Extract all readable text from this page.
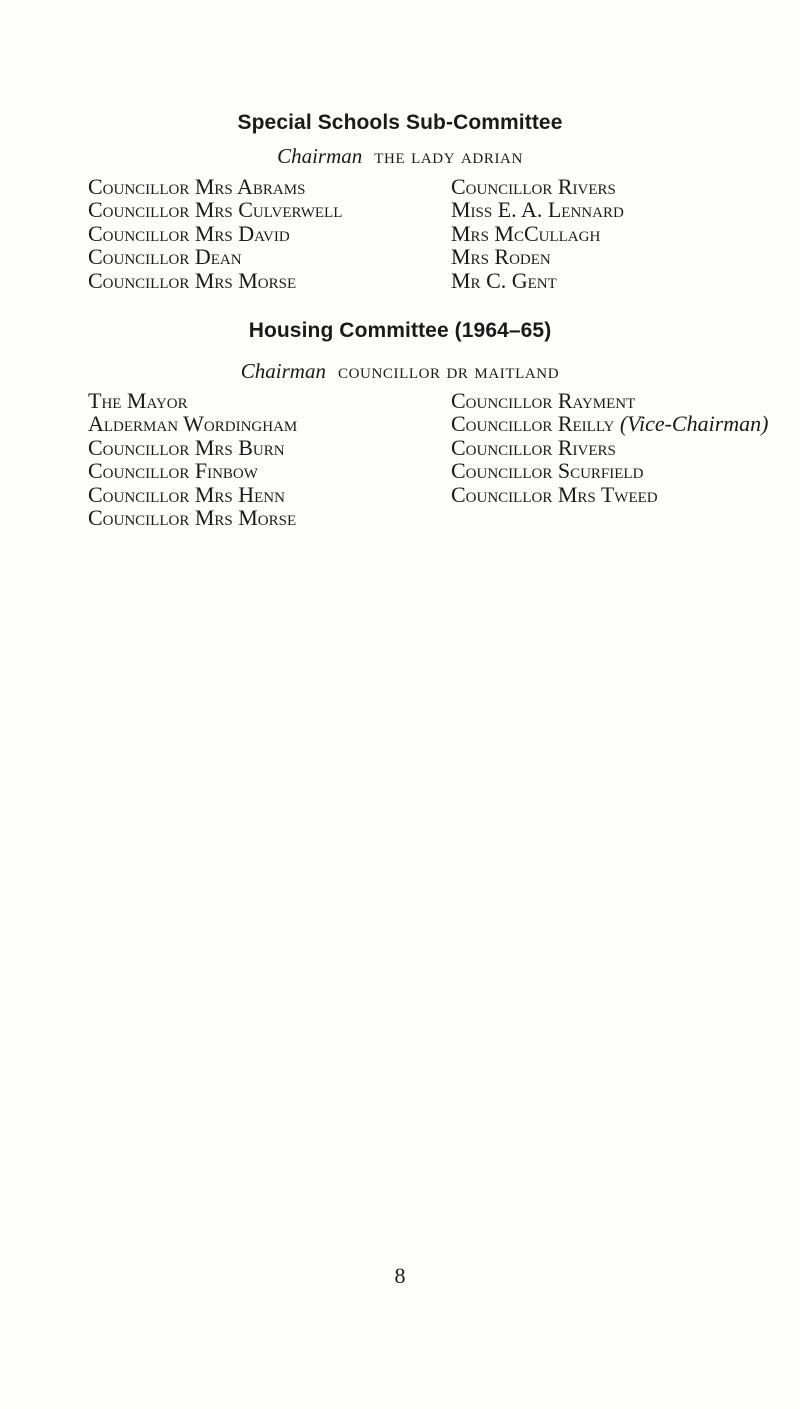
Special Schools Sub-Committee
Chairman the lady adrian
Councillor Mrs Abrams
Councillor Mrs Culverwell
Councillor Mrs David
Councillor Dean
Councillor Mrs Morse
Councillor Rivers
Miss E. A. Lennard
Mrs McCullagh
Mrs Roden
Mr C. Gent
Housing Committee (1964–65)
Chairman councillor dr maitland
The Mayor
Alderman Wordingham
Councillor Mrs Burn
Councillor Finbow
Councillor Mrs Henn
Councillor Mrs Morse
Councillor Rayment
Councillor Reilly (Vice-Chairman)
Councillor Rivers
Councillor Scurfield
Councillor Mrs Tweed
8
